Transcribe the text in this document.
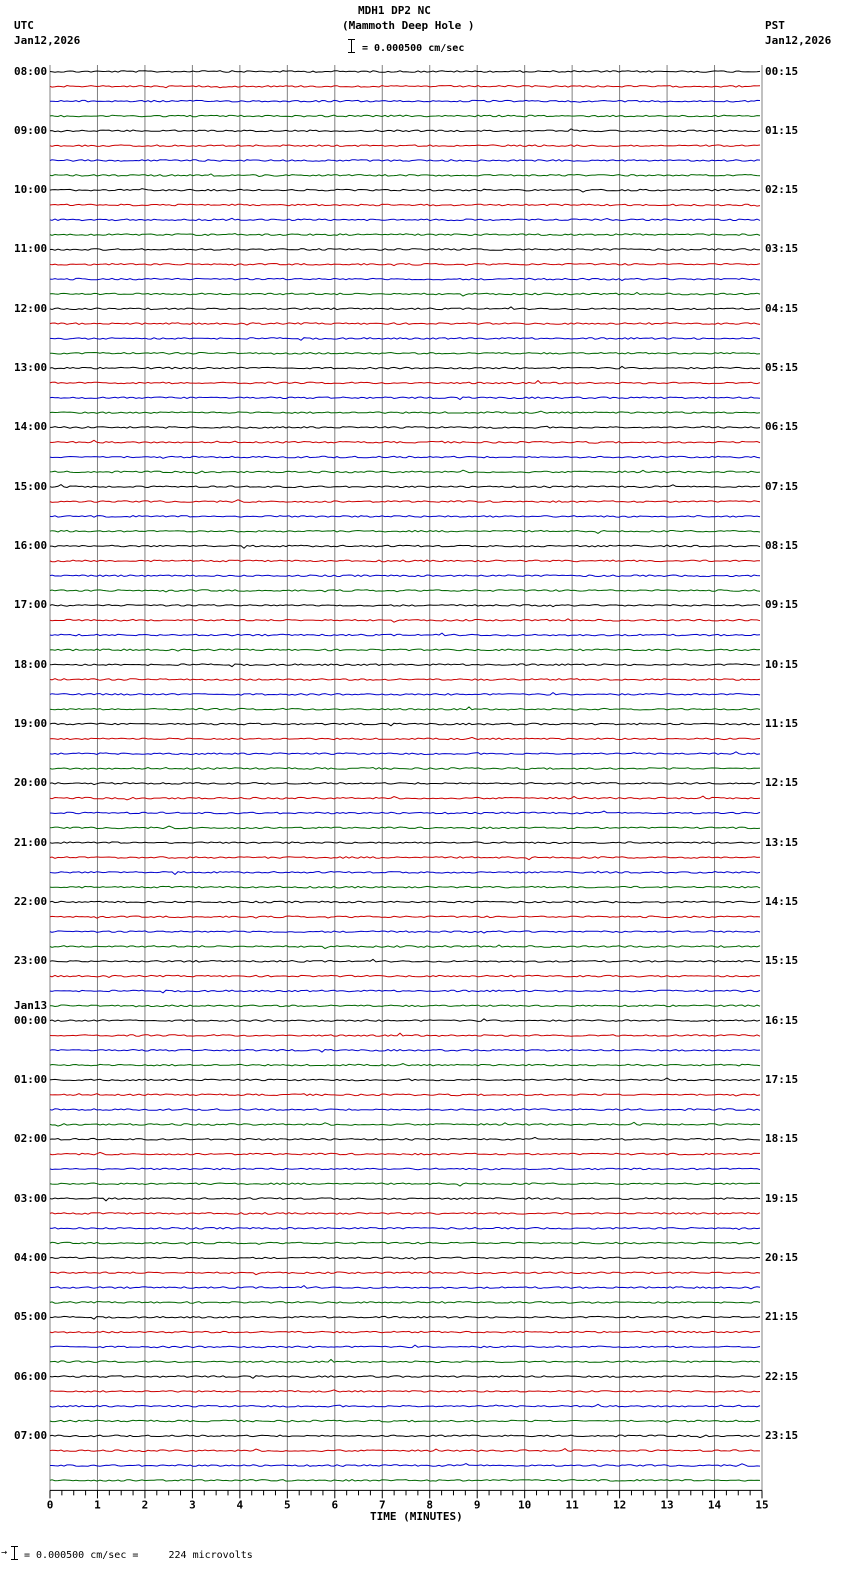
MDH1 DP2 NC
(Mammoth Deep Hole )
= 0.000500 cm/sec
UTC
Jan12,2026
PST
Jan12,2026
0	1	2	3	4	5	6	7	8	9	10	11	12	13	14	15
08:00
09:00
10:00
11:00
12:00
13:00
14:00
15:00
16:00
17:00
18:00
19:00
20:00
21:00
22:00
23:00
00:00
Jan13
01:00
02:00
03:00
04:00
05:00
06:00
07:00
00:15
01:15
02:15
03:15
04:15
05:15
06:15
07:15
08:15
09:15
10:15
11:15
12:15
13:15
14:15
15:15
16:15
17:15
18:15
19:15
20:15
21:15
22:15
23:15
TIME (MINUTES)
→ = 0.000500 cm/sec =     224 microvolts
